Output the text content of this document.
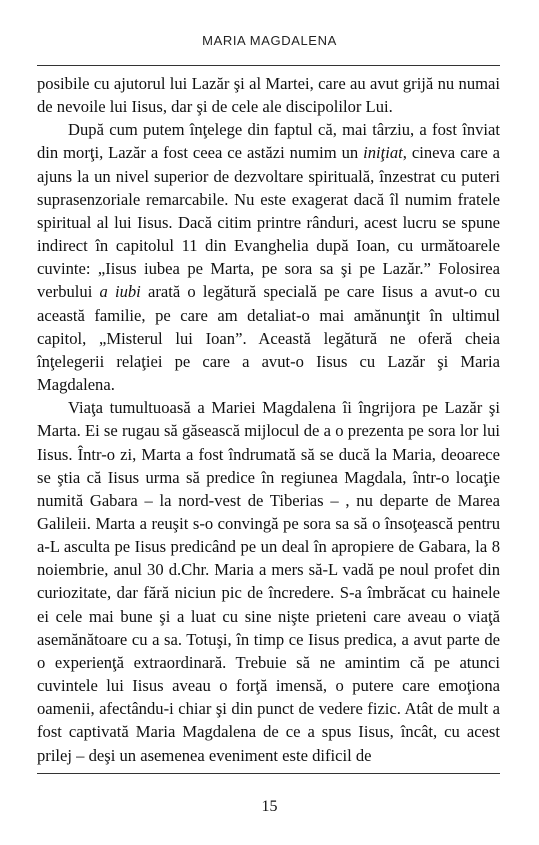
MARIA MAGDALENA

posibile cu ajutorul lui Lazăr şi al Martei, care au avut grijă nu numai de nevoile lui Iisus, dar şi de cele ale discipolilor Lui.

După cum putem înţelege din faptul că, mai târziu, a fost înviat din morţi, Lazăr a fost ceea ce astăzi numim un iniţiat, cineva care a ajuns la un nivel superior de dezvoltare spirituală, înzestrat cu puteri suprasenzoriale remarcabile. Nu este exagerat dacă îl numim fratele spiritual al lui Iisus. Dacă citim printre rânduri, acest lucru se spune indirect în capitolul 11 din Evanghelia după Ioan, cu următoarele cuvinte: „Iisus iubea pe Marta, pe sora sa şi pe Lazăr.” Folosirea verbului a iubi arată o legătură specială pe care Iisus a avut-o cu această familie, pe care am detaliat-o mai amănunţit în ultimul capitol, „Misterul lui Ioan”. Această legătură ne oferă cheia înţelegerii relaţiei pe care a avut-o Iisus cu Lazăr şi Maria Magdalena.

Viaţa tumultuoasă a Mariei Magdalena îi îngrijora pe Lazăr şi Marta. Ei se rugau să găsească mijlocul de a o prezenta pe sora lor lui Iisus. Într-o zi, Marta a fost îndrumată să se ducă la Maria, deoarece se ştia că Iisus urma să predice în regiunea Magdala, într-o locaţie numită Gabara – la nord-vest de Tiberias – , nu departe de Marea Galileii. Marta a reuşit s-o convingă pe sora sa să o însoţească pentru a-L asculta pe Iisus predicând pe un deal în apropiere de Gabara, la 8 noiembrie, anul 30 d.Chr. Maria a mers să-L vadă pe noul profet din curiozitate, dar fără niciun pic de încredere. S-a îmbrăcat cu hainele ei cele mai bune şi a luat cu sine nişte prieteni care aveau o viaţă asemănătoare cu a sa. Totuşi, în timp ce Iisus predica, a avut parte de o experienţă extraordinară. Trebuie să ne amintim că pe atunci cuvintele lui Iisus aveau o forţă imensă, o putere care emoţiona oamenii, afectându-i chiar şi din punct de vedere fizic. Atât de mult a fost captivată Maria Magdalena de ce a spus Iisus, încât, cu acest prilej – deşi un asemenea eveniment este dificil de

15
